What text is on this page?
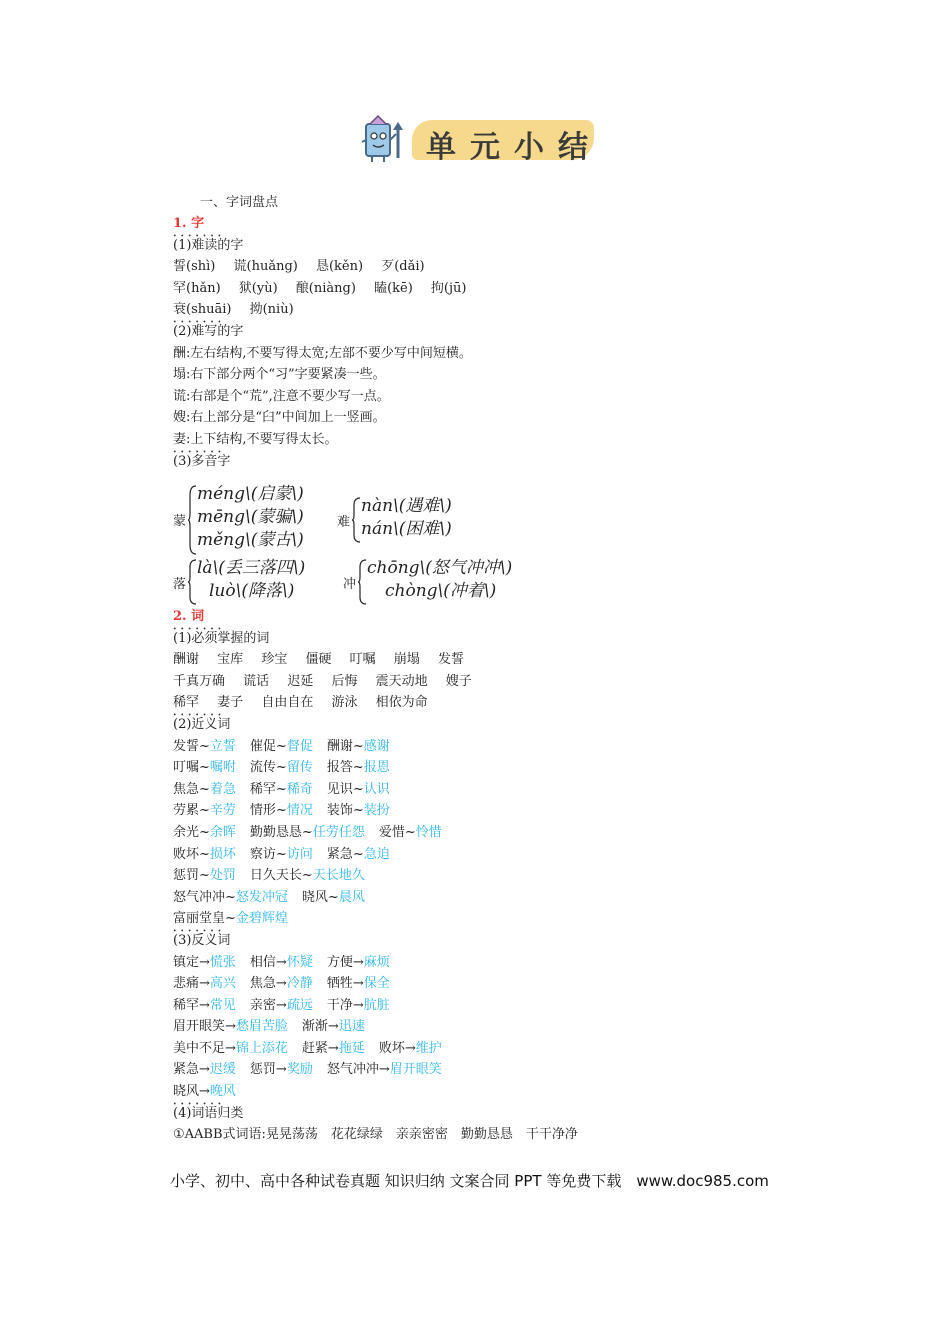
单元小结
一、字词盘点
1. 字
• • • (1)难读的字
誓(shì) 谎(huǎng) 恳(kěn) 歹(dǎi)
罕(hǎn) 狱(yù) 酿(niàng) 瞌(kē) 拘(jū)
衰(shuāi) 拗(niù)
• • • (2)难写的字
酬:左右结构,不要写得太宽;左部不要少写中间短横。
塌:右下部分两个“习”字要紧凑一些。
谎:右部是个“荒”,注意不要少写一点。
嫂:右上部分是“臼”中间加上一竖画。
妻:上下结构,不要写得太长。
• • • (3)多音字
蒙
méng\(启蒙\)
mēng\(蒙骗\)
měng\(蒙古\)
难
nàn\(遇难\)
nán\(困难\)
落
là\(丢三落四\)
luò\(降落\)	冲
chōng\(怒气冲冲\)
chòng\(冲着\)
2. 词
• • • (1)必须掌握的词
酬谢 宝库 珍宝 僵硬 叮嘱 崩塌 发誓
千真万确 谎话 迟延 后悔 震天动地 嫂子
稀罕 妻子 自由自在 游泳 相依为命
• • • (2)近义词
发誓~立誓 催促~督促 酬谢~感谢
叮嘱~嘱咐 流传~留传 报答~报恩
焦急~着急 稀罕~稀奇 见识~认识
劳累~辛劳 情形~情况 装饰~装扮
余光~余晖 勤勤恳恳~任劳任怨 爱惜~怜惜
败坏~损坏 察访~访问 紧急~急迫
惩罚~处罚 日久天长~天长地久
怒气冲冲~怒发冲冠 晓风~晨风
富丽堂皇~金碧辉煌
• • • (3)反义词
镇定→慌张 相信→怀疑 方便→麻烦
悲痛→高兴 焦急→冷静 牺牲→保全
稀罕→常见 亲密→疏远 干净→肮脏
眉开眼笑→愁眉苦脸 渐渐→迅速
美中不足→锦上添花 赶紧→拖延 败坏→维护
紧急→迟缓 惩罚→奖励 怒气冲冲→眉开眼笑
晓风→晚风
• • • (4)词语归类
①AABB式词语:晃晃荡荡　花花绿绿　亲亲密密　勤勤恳恳　干干净净
小学、初中、高中各种试卷真题 知识归纳 文案合同 PPT 等免费下载　www.doc985.com
